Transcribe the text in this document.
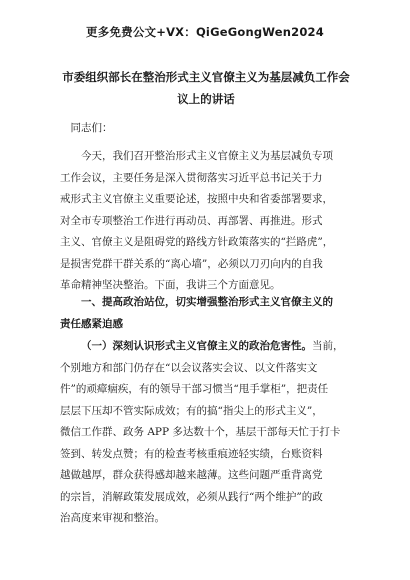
更多免费公文+VX：QiGeGongWen2024
市委组织部长在整治形式主义官僚主义为基层减负工作会
议上的讲话
同志们：
今天，我们召开整治形式主义官僚主义为基层减负专项
工作会议，主要任务是深入贯彻落实习近平总书记关于力
戒形式主义官僚主义重要论述，按照中央和省委部署要求，
对全市专项整治工作进行再动员、再部署、再推进。形式
主义、官僚主义是阻碍党的路线方针政策落实的“拦路虎”，
是损害党群干群关系的“离心墙”，必须以刀刃向内的自我
革命精神坚决整治。下面，我讲三个方面意见。
一、提高政治站位，切实增强整治形式主义官僚主义的
责任感紧迫感
（一）深刻认识形式主义官僚主义的政治危害性。当前，
个别地方和部门仍存在“以会议落实会议、以文件落实文
件”的顽瘴痼疾，有的领导干部习惯当“甩手掌柜”，把责任
层层下压却不管实际成效；有的搞“指尖上的形式主义”，
微信工作群、政务 APP 多达数十个，基层干部每天忙于打卡
签到、转发点赞；有的检查考核重痕迹轻实绩，台账资料
越做越厚，群众获得感却越来越薄。这些问题严重背离党
的宗旨，消解政策发展成效，必须从践行“两个维护”的政
治高度来审视和整治。
